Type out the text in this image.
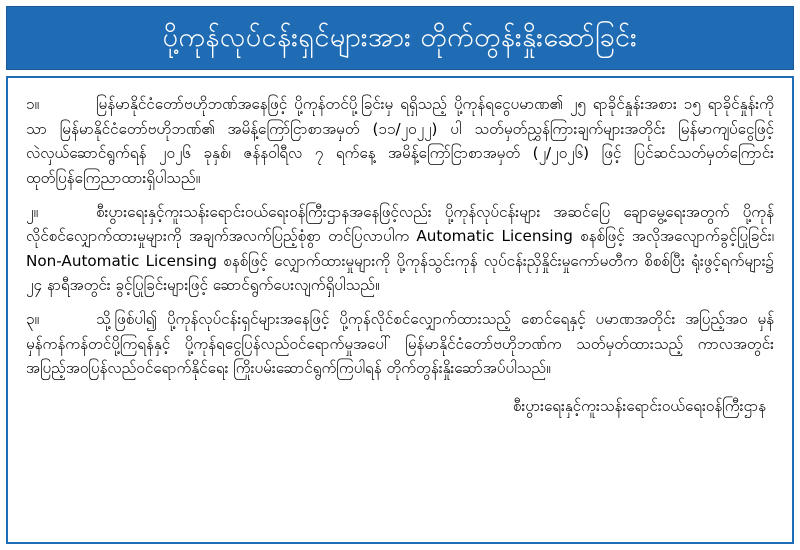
ပို့ကုန်လုပ်ငန်းရှင်များအား တိုက်တွန်းနှိုးဆော်ခြင်း
၁။	မြန်မာနိုင်ငံတော်ဗဟိုဘဏ်အနေဖြင့် ပို့ကုန်တင်ပို့ခြင်းမှ ရရှိသည့် ပို့ကုန်ရငွေပမာဏ၏ ၂၅ ရာခိုင်နှုန်းအစား ၁၅ ရာခိုင်နှုန်းကိုသာ မြန်မာနိုင်ငံတော်ဗဟိုဘဏ်၏ အမိန့်ကြော်ငြာစာအမှတ် (၁၁/၂၀၂၂) ပါ သတ်မှတ်ညွှန်ကြားချက်များအတိုင်း မြန်မာကျပ်ငွေဖြင့် လဲလှယ်ဆောင်ရွက်ရန် ၂၀၂၆ ခုနှစ်၊ ဇန်နဝါရီလ ၇ ရက်နေ့ အမိန့်ကြော်ငြာစာအမှတ် (၂/၂၀၂၆) ဖြင့် ပြင်ဆင်သတ်မှတ်ကြောင်း ထုတ်ပြန်ကြေညာထားရှိပါသည်။
၂။	စီးပွားရေးနှင့်ကူးသန်းရောင်းဝယ်ရေးဝန်ကြီးဌာနအနေဖြင့်လည်း ပို့ကုန်လုပ်ငန်းများ အဆင်ပြေ ချောမွေ့ရေးအတွက် ပို့ကုန်လိုင်စင်လျှောက်ထားမှုများကို အချက်အလက်ပြည့်စုံစွာ တင်ပြလာပါက Automatic Licensing စနစ်ဖြင့် အလိုအလျောက်ခွင့်ပြုခြင်း၊ Non-Automatic Licensing စနစ်ဖြင့် လျှောက်ထားမှုများကို ပို့ကုန်သွင်းကုန် လုပ်ငန်းညှိနှိုင်းမှုကော်မတီက စိစစ်ပြီး ရုံးဖွင့်ရက်များ၌ ၂၄ နာရီအတွင်း ခွင့်ပြုခြင်းများဖြင့် ဆောင်ရွက်ပေးလျက်ရှိပါသည်။
၃။	သို့ဖြစ်ပါ၍ ပို့ကုန်လုပ်ငန်းရှင်များအနေဖြင့် ပို့ကုန်လိုင်စင်လျှောက်ထားသည့် စောင်ရေနှင့် ပမာဏအတိုင်း အပြည့်အဝ မှန်မှန်ကန်ကန်တင်ပို့ကြရန်နှင့် ပို့ကုန်ရငွေပြန်လည်ဝင်ရောက်မှုအပေါ် မြန်မာနိုင်ငံတော်ဗဟိုဘဏ်က သတ်မှတ်ထားသည့် ကာလအတွင်း အပြည့်အဝပြန်လည်ဝင်ရောက်နိုင်ရေး ကြိုးပမ်းဆောင်ရွက်ကြပါရန် တိုက်တွန်းနှိုးဆော်အပ်ပါသည်။
စီးပွားရေးနှင့်ကူးသန်းရောင်းဝယ်ရေးဝန်ကြီးဌာန
